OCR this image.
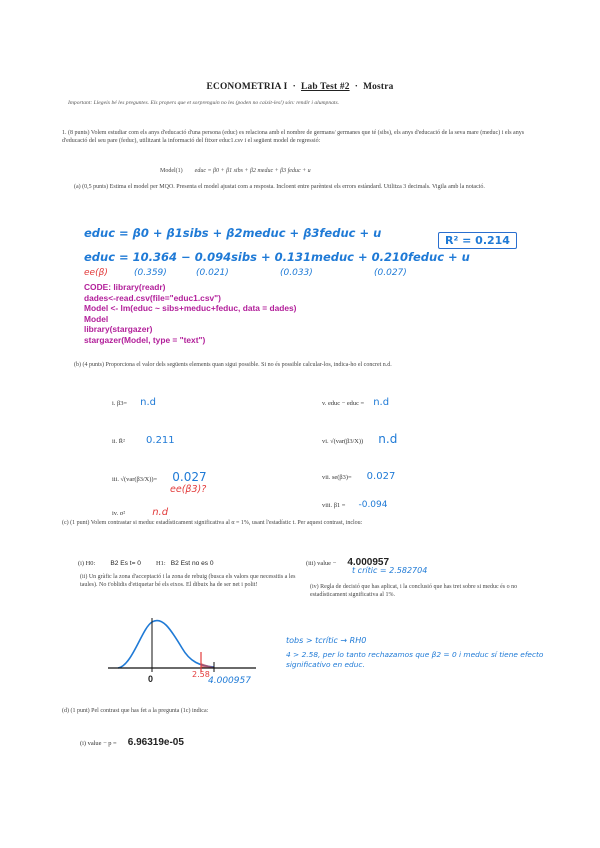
ECONOMETRIA I  ·  Lab Test #2  ·  Mostra
Important: Llegeix bé les preguntes. Els propers que et sorprenguin no les (poden no caixit-les!) són: rendir i alumpnats.
1. (8 punts) Volem estudiar com els anys d'educació d'una persona (educ) es relaciona amb el nombre de germans/ germanes que té (sibs), els anys d'educació de la seva mare (meduc) i els anys d'educació del seu pare (feduc), utilitzant la informació del fitxer educ1.csv i el següent model de regressió:
Model(1) educ = β0 + β1 sibs + β2 meduc + β3 feduc + u
(a) (0,5 punts) Estima el model per MQO. Presenta el model ajustat com a resposta. Incloent entre parèntesi els errors estàndard. Utilitza 3 decimals. Vigila amb la notació.
educ = β0 + β1sibs + β2meduc + β3feduc + u
educ = 10.364 − 0.094sibs + 0.131meduc + 0.210feduc + u
ee(β)	(0.359)	(0.021)	(0.033)	(0.027)
R² = 0.214
CODE: library(readr)
dades<-read.csv(file="educ1.csv")
Model <- lm(educ ~ sibs+meduc+feduc, data = dades)
Model
library(stargazer)
stargazer(Model, type = "text")
(b) (4 punts) Proporciona el valor dels següents elements quan sigui possible. Si no és possible calcular-los, indica-ho el concret n.d.
i. β3= n.d
ii. R̄² 0.211
iii. √(var(β3/X))= 0.027
ee(β3)?
iv. σ²	n.d
v. educ − educ = n.d
vi. √(var(β3/X)) n.d
vii. se(β3)= 0.027
viii. β1 = -0.094
(c) (1 punt) Volem contrastar si meduc estadísticament significativa al α = 1%, usant l'estadístic t. Per aquest contrast, inclou:
(i) H0: B2 Es t= 0 H1: B2 Est no es 0	(iii) value − 4.000957
t crític = 2.582704
(ii) Un gràfic la zona d'acceptació i la zona de rebuig (busca els valors que necessitis a les taules). No t'oblidis d'etiquetar bé els eixos. El dibuix ha de ser net i polit!	(iv) Regla de decisió que has aplicat, i la conclusió que has tret sobre si meduc és o no estadísticament significativa al 1%.
0	2.58
4.000957
tobs > tcrític → RH0
4 > 2.58, per lo tanto rechazamos que β2 = 0 i meduc sí tiene efecto significativo en educ.
(d) (1 punt) Pel contrast que has fet a la pregunta (1c) indica:
(i) value − p = 6.96319e-05
